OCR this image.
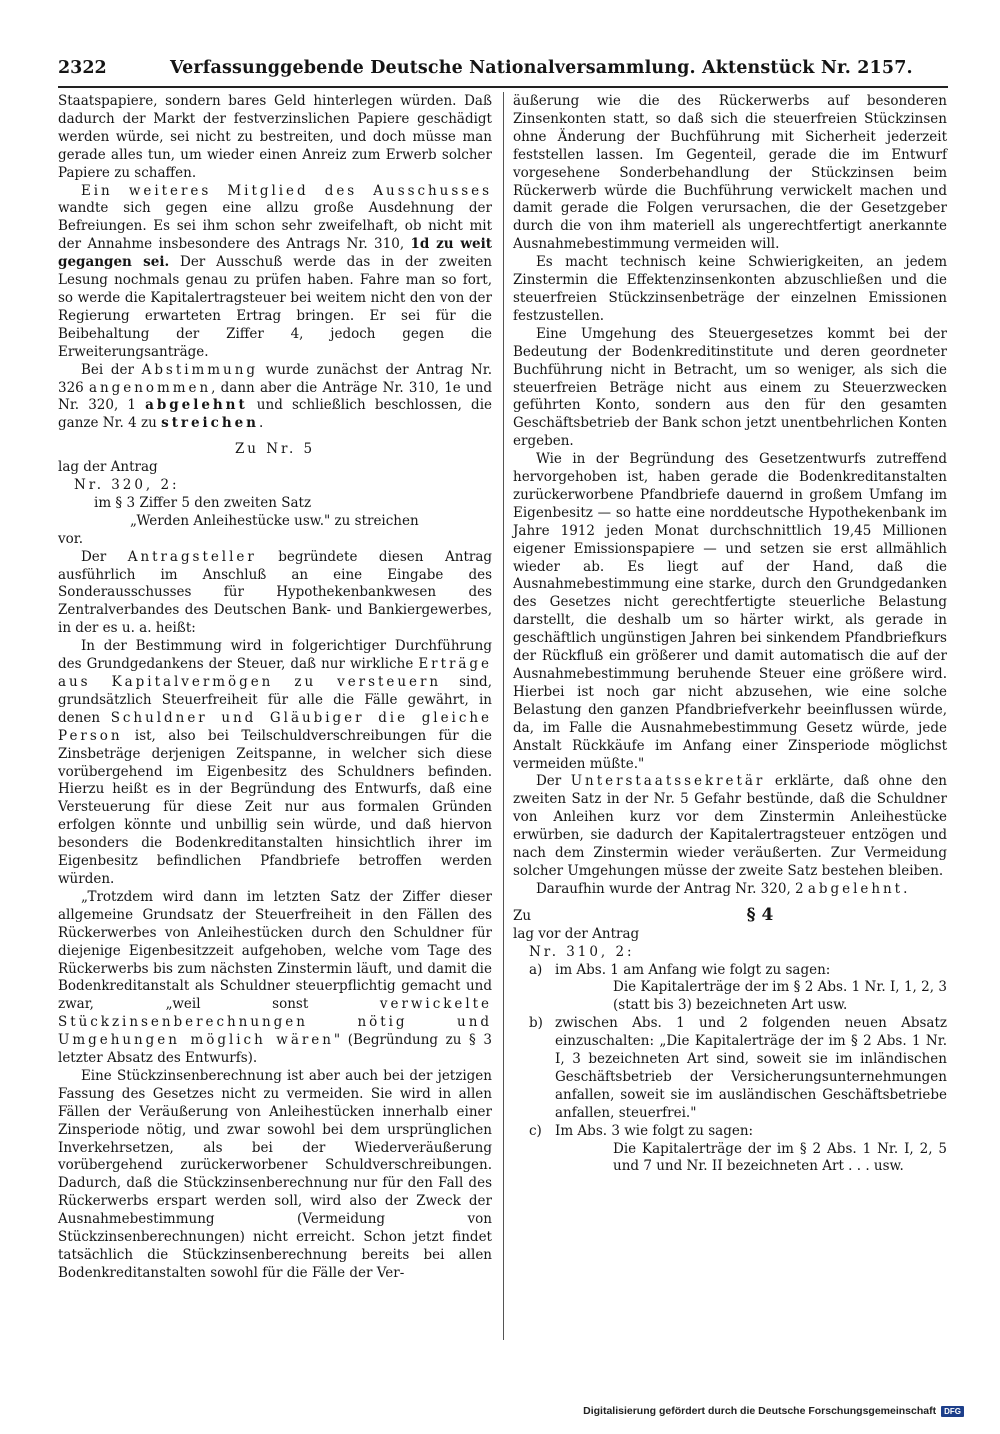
2322	Verfassunggebende Deutsche Nationalversammlung. Aktenstück Nr. 2157.

Staatspapiere, sondern bares Geld hinterlegen würden. Daß dadurch der Markt der festverzinslichen Papiere geschädigt werden würde, sei nicht zu bestreiten, und doch müsse man gerade alles tun, um wieder einen Anreiz zum Erwerb solcher Papiere zu schaffen.

Ein weiteres Mitglied des Ausschusses wandte sich gegen eine allzu große Ausdehnung der Befreiungen. Es sei ihm schon sehr zweifelhaft, ob nicht mit der Annahme insbesondere des Antrags Nr. 310, 1d zu weit gegangen sei. Der Ausschuß werde das in der zweiten Lesung nochmals genau zu prüfen haben. Fahre man so fort, so werde die Kapitalertragsteuer bei weitem nicht den von der Regierung erwarteten Ertrag bringen. Er sei für die Beibehaltung der Ziffer 4, jedoch gegen die Erweiterungsanträge.

Bei der Abstimmung wurde zunächst der Antrag Nr. 326 angenommen, dann aber die Anträge Nr. 310, 1e und Nr. 320, 1 abgelehnt und schließlich beschlossen, die ganze Nr. 4 zu streichen.

Zu Nr. 5

lag der Antrag

Nr. 320, 2:

im § 3 Ziffer 5 den zweiten Satz

„Werden Anleihestücke usw." zu streichen

vor.

Der Antragsteller begründete diesen Antrag ausführlich im Anschluß an eine Eingabe des Sonderausschusses für Hypothekenbankwesen des Zentralverbandes des Deutschen Bank- und Bankiergewerbes, in der es u. a. heißt:

In der Bestimmung wird in folgerichtiger Durchführung des Grundgedankens der Steuer, daß nur wirkliche Erträge aus Kapitalvermögen zu versteuern sind, grundsätzlich Steuerfreiheit für alle die Fälle gewährt, in denen Schuldner und Gläubiger die gleiche Person ist, also bei Teilschuldverschreibungen für die Zinsbeträge derjenigen Zeitspanne, in welcher sich diese vorübergehend im Eigenbesitz des Schuldners befinden. Hierzu heißt es in der Begründung des Entwurfs, daß eine Versteuerung für diese Zeit nur aus formalen Gründen erfolgen könnte und unbillig sein würde, und daß hiervon besonders die Bodenkreditanstalten hinsichtlich ihrer im Eigenbesitz befindlichen Pfandbriefe betroffen werden würden.

„Trotzdem wird dann im letzten Satz der Ziffer dieser allgemeine Grundsatz der Steuerfreiheit in den Fällen des Rückerwerbes von Anleihestücken durch den Schuldner für diejenige Eigenbesitzzeit aufgehoben, welche vom Tage des Rückerwerbs bis zum nächsten Zinstermin läuft, und damit die Bodenkreditanstalt als Schuldner steuerpflichtig gemacht und zwar, „weil sonst verwickelte Stückzinsenberechnungen nötig und Umgehungen möglich wären" (Begründung zu § 3 letzter Absatz des Entwurfs).

Eine Stückzinsenberechnung ist aber auch bei der jetzigen Fassung des Gesetzes nicht zu vermeiden. Sie wird in allen Fällen der Veräußerung von Anleihestücken innerhalb einer Zinsperiode nötig, und zwar sowohl bei dem ursprünglichen Inverkehrsetzen, als bei der Wiederveräußerung vorübergehend zurückerworbener Schuldverschreibungen. Dadurch, daß die Stückzinsenberechnung nur für den Fall des Rückerwerbs erspart werden soll, wird also der Zweck der Ausnahmebestimmung (Vermeidung von Stückzinsenberechnungen) nicht erreicht. Schon jetzt findet tatsächlich die Stückzinsenberechnung bereits bei allen Bodenkreditanstalten sowohl für die Fälle der Ver-

äußerung wie die des Rückerwerbs auf besonderen Zinsenkonten statt, so daß sich die steuerfreien Stückzinsen ohne Änderung der Buchführung mit Sicherheit jederzeit feststellen lassen. Im Gegenteil, gerade die im Entwurf vorgesehene Sonderbehandlung der Stückzinsen beim Rückerwerb würde die Buchführung verwickelt machen und damit gerade die Folgen verursachen, die der Gesetzgeber durch die von ihm materiell als ungerechtfertigt anerkannte Ausnahmebestimmung vermeiden will.

Es macht technisch keine Schwierigkeiten, an jedem Zinstermin die Effektenzinsenkonten abzuschließen und die steuerfreien Stückzinsenbeträge der einzelnen Emissionen festzustellen.

Eine Umgehung des Steuergesetzes kommt bei der Bedeutung der Bodenkreditinstitute und deren geordneter Buchführung nicht in Betracht, um so weniger, als sich die steuerfreien Beträge nicht aus einem zu Steuerzwecken geführten Konto, sondern aus den für den gesamten Geschäftsbetrieb der Bank schon jetzt unentbehrlichen Konten ergeben.

Wie in der Begründung des Gesetzentwurfs zutreffend hervorgehoben ist, haben gerade die Bodenkreditanstalten zurückerworbene Pfandbriefe dauernd in großem Umfang im Eigenbesitz — so hatte eine norddeutsche Hypothekenbank im Jahre 1912 jeden Monat durchschnittlich 19,45 Millionen eigener Emissionspapiere — und setzen sie erst allmählich wieder ab. Es liegt auf der Hand, daß die Ausnahmebestimmung eine starke, durch den Grundgedanken des Gesetzes nicht gerechtfertigte steuerliche Belastung darstellt, die deshalb um so härter wirkt, als gerade in geschäftlich ungünstigen Jahren bei sinkendem Pfandbriefkurs der Rückfluß ein größerer und damit automatisch die auf der Ausnahmebestimmung beruhende Steuer eine größere wird. Hierbei ist noch gar nicht abzusehen, wie eine solche Belastung den ganzen Pfandbriefverkehr beeinflussen würde, da, im Falle die Ausnahmebestimmung Gesetz würde, jede Anstalt Rückkäufe im Anfang einer Zinsperiode möglichst vermeiden müßte."

Der Unterstaatssekretär erklärte, daß ohne den zweiten Satz in der Nr. 5 Gefahr bestünde, daß die Schuldner von Anleihen kurz vor dem Zinstermin Anleihestücke erwürben, sie dadurch der Kapitalertragsteuer entzögen und nach dem Zinstermin wieder veräußerten. Zur Vermeidung solcher Umgehungen müsse der zweite Satz bestehen bleiben.

Daraufhin wurde der Antrag Nr. 320, 2 abgelehnt.

Zu	§ 4

lag vor der Antrag

Nr. 310, 2:

a) im Abs. 1 am Anfang wie folgt zu sagen:

Die Kapitalerträge der im § 2 Abs. 1 Nr. I, 1, 2, 3 (statt bis 3) bezeichneten Art usw.

b) zwischen Abs. 1 und 2 folgenden neuen Absatz einzuschalten: „Die Kapitalerträge der im § 2 Abs. 1 Nr. I, 3 bezeichneten Art sind, soweit sie im inländischen Geschäftsbetrieb der Versicherungsunternehmungen anfallen, soweit sie im ausländischen Geschäftsbetriebe anfallen, steuerfrei."
c) Im Abs. 3 wie folgt zu sagen:

Die Kapitalerträge der im § 2 Abs. 1 Nr. I, 2, 5 und 7 und Nr. II bezeichneten Art . . . usw.

Digitalisierung gefördert durch die Deutsche Forschungsgemeinschaft	DFG
